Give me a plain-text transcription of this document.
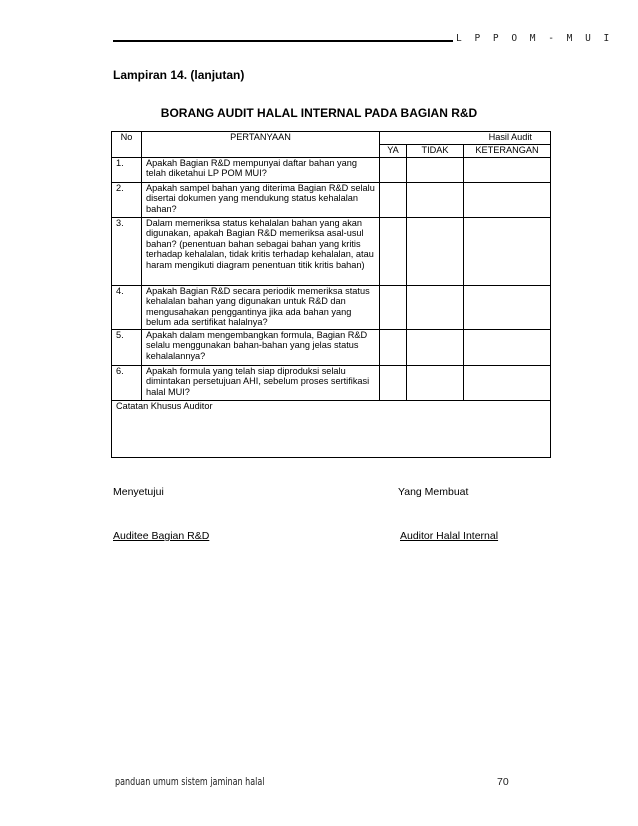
L P P O M - M U I
Lampiran 14. (lanjutan)
BORANG AUDIT HALAL INTERNAL PADA BAGIAN R&D
No	PERTANYAAN	Hasil Audit		
		YA	TIDAK	KETERANGAN
1.	Apakah Bagian R&D mempunyai daftar bahan yang telah diketahui LP POM MUI?			
2.	Apakah sampel bahan yang diterima Bagian R&D selalu disertai dokumen yang mendukung status kehalalan bahan?			
3.	Dalam memeriksa status kehalalan bahan yang akan digunakan, apakah Bagian R&D memeriksa asal-usul bahan? (penentuan bahan sebagai bahan yang kritis terhadap kehalalan, tidak kritis terhadap kehalalan, atau haram mengikuti diagram penentuan titik kritis bahan)			
4.	Apakah Bagian R&D secara periodik memeriksa status kehalalan bahan yang digunakan untuk R&D dan mengusahakan penggantinya jika ada bahan yang belum ada sertifikat halalnya?			
5.	Apakah dalam mengembangkan formula, Bagian R&D selalu menggunakan bahan-bahan yang jelas status kehalalannya?			
6.	Apakah formula yang telah siap diproduksi selalu dimintakan persetujuan AHI, sebelum proses sertifikasi halal MUI?			
Catatan Khusus Auditor				
Menyetujui	Yang Membuat
Auditee Bagian R&D	Auditor Halal Internal
panduan umum sistem jaminan halal	70
